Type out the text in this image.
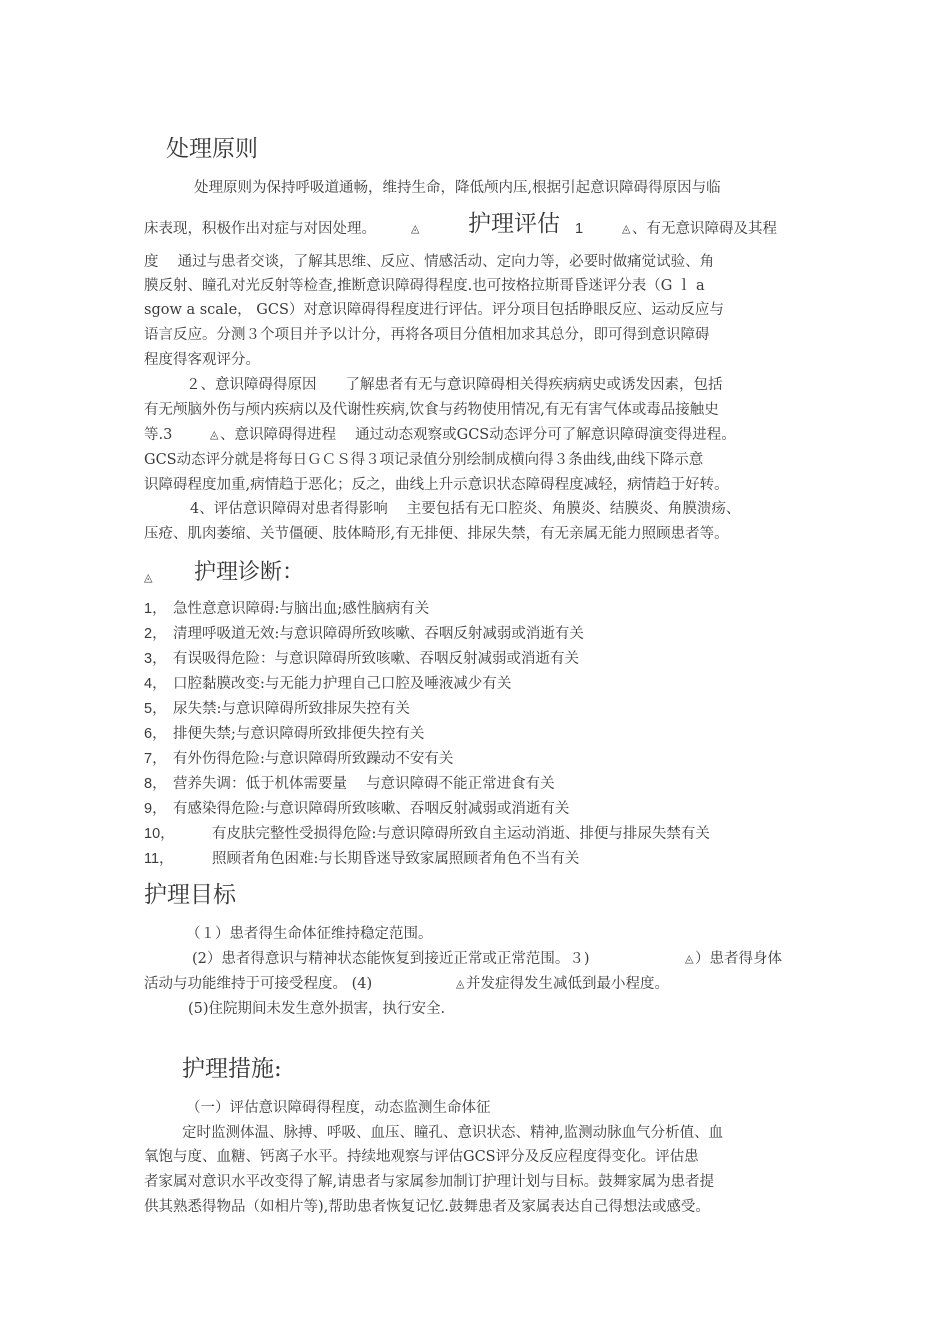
处理原则
处理原则为保持呼吸道通畅，维持生命，降低颅内压,根据引起意识障碍得原因与临
床表现，积极作出对症与对因处理。	◬ 护理评估 1	◬ 、有无意识障碍及其程
度　 通过与患者交谈，了解其思维、反应、情感活动、定向力等，必要时做痛觉试验、角
膜反射、瞳孔对光反射等检查,推断意识障碍得程度.也可按格拉斯哥昏迷评分表（G ｌ a
sgow a scale， GCS）对意识障碍得程度进行评估。评分项目包括睁眼反应、运动反应与
语言反应。分测３个项目并予以计分，再将各项目分值相加求其总分，即可得到意识障碍
程度得客观评分。
２、意识障碍得原因　　了解患者有无与意识障碍相关得疾病病史或诱发因素，包括
有无颅脑外伤与颅内疾病以及代谢性疾病,饮食与药物使用情况,有无有害气体或毒品接触史
等.3	◬ 、意识障碍得进程　 通过动态观察或GCS动态评分可了解意识障碍演变得进程。
GCS动态评分就是将每日ＧＣＳ得３项记录值分别绘制成横向得３条曲线,曲线下降示意
识障碍程度加重,病情趋于恶化；反之，曲线上升示意识状态障碍程度减轻，病情趋于好转。
4、评估意识障碍对患者得影响　 主要包括有无口腔炎、角膜炎、结膜炎、角膜溃疡、
压疮、肌肉萎缩、关节僵硬、肢体畸形,有无排便、排尿失禁，有无亲属无能力照顾患者等。
◬ 护理诊断：
1， 急性意意识障碍:与脑出血;感性脑病有关
2， 清理呼吸道无效:与意识障碍所致咳嗽、吞咽反射减弱或消逝有关
3， 有误吸得危险：与意识障碍所致咳嗽、吞咽反射减弱或消逝有关
4， 口腔黏膜改变:与无能力护理自己口腔及唾液减少有关
5， 尿失禁:与意识障碍所致排尿失控有关
6， 排便失禁;与意识障碍所致排便失控有关
7， 有外伤得危险:与意识障碍所致躁动不安有关
8， 营养失调：低于机体需要量　 与意识障碍不能正常进食有关
9， 有感染得危险:与意识障碍所致咳嗽、吞咽反射减弱或消逝有关
10，	有皮肤完整性受损得危险:与意识障碍所致自主运动消逝、排便与排尿失禁有关
11，	照顾者角色困难:与长期昏迷导致家属照顾者角色不当有关
护理目标
（１）患者得生命体征维持稳定范围。
(2）患者得意识与精神状态能恢复到接近正常或正常范围。３)	◬ ）患者得身体
活动与功能维持于可接受程度。 (4)	◬ 并发症得发生减低到最小程度。
(5)住院期间未发生意外损害，执行安全.
护理措施:
（一）评估意识障碍得程度，动态监测生命体征
定时监测体温、脉搏、呼吸、血压、瞳孔、意识状态、精神,监测动脉血气分析值、血
氧饱与度、血糖、钙离子水平。持续地观察与评估GCS评分及反应程度得变化。评估患
者家属对意识水平改变得了解,请患者与家属参加制订护理计划与目标。鼓舞家属为患者提
供其熟悉得物品（如相片等),帮助患者恢复记忆.鼓舞患者及家属表达自己得想法或感受。
